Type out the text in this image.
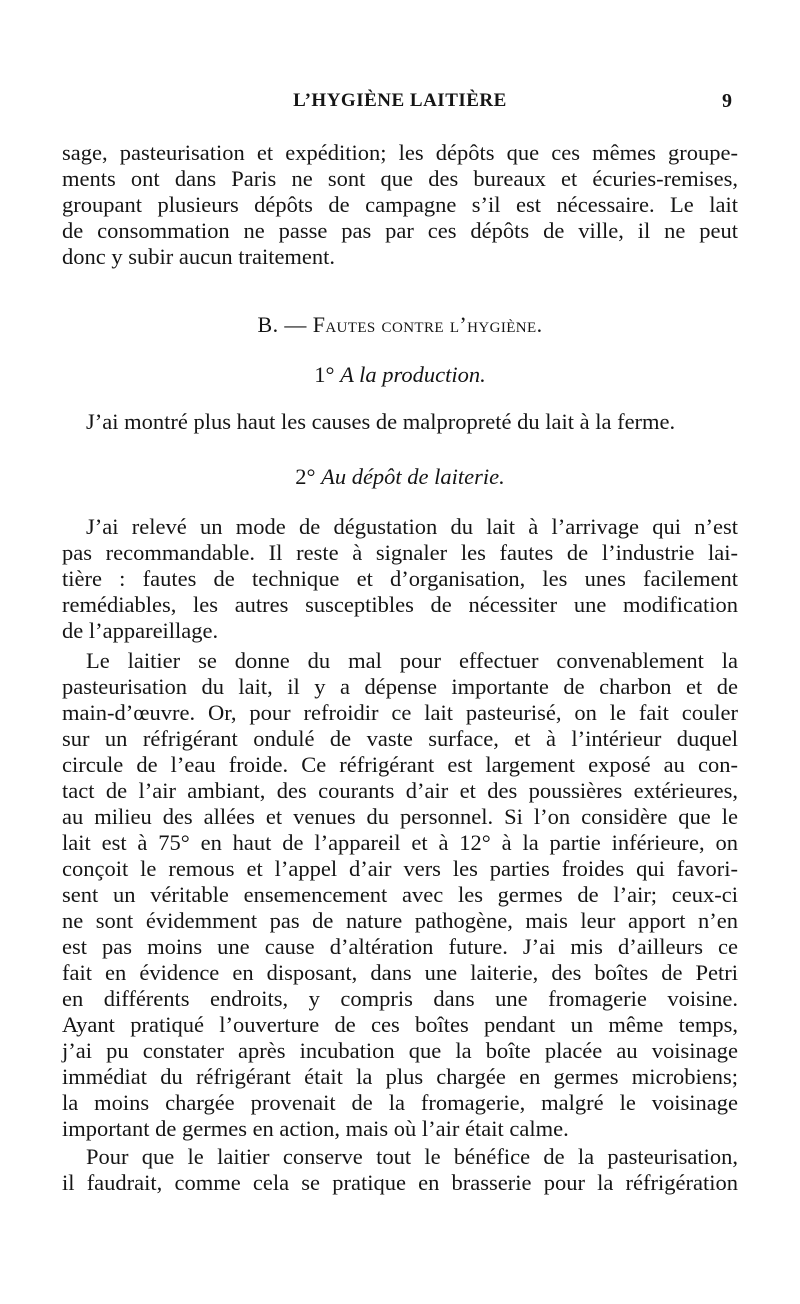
L’HYGIÈNE LAITIÈRE	9
sage, pasteurisation et expédition; les dépôts que ces mêmes groupe-
ments ont dans Paris ne sont que des bureaux et écuries-remises,
groupant plusieurs dépôts de campagne s’il est nécessaire. Le lait
de consommation ne passe pas par ces dépôts de ville, il ne peut
donc y subir aucun traitement.
B. — Fautes contre l’hygiène.
1° A la production.
J’ai montré plus haut les causes de malpropreté du lait à la ferme.
2° Au dépôt de laiterie.
J’ai relevé un mode de dégustation du lait à l’arrivage qui n’est
pas recommandable. Il reste à signaler les fautes de l’industrie lai-
tière : fautes de technique et d’organisation, les unes facilement
remédiables, les autres susceptibles de nécessiter une modification
de l’appareillage.
Le laitier se donne du mal pour effectuer convenablement la
pasteurisation du lait, il y a dépense importante de charbon et de
main-d’œuvre. Or, pour refroidir ce lait pasteurisé, on le fait couler
sur un réfrigérant ondulé de vaste surface, et à l’intérieur duquel
circule de l’eau froide. Ce réfrigérant est largement exposé au con-
tact de l’air ambiant, des courants d’air et des poussières extérieures,
au milieu des allées et venues du personnel. Si l’on considère que le
lait est à 75° en haut de l’appareil et à 12° à la partie inférieure, on
conçoit le remous et l’appel d’air vers les parties froides qui favori-
sent un véritable ensemencement avec les germes de l’air; ceux-ci
ne sont évidemment pas de nature pathogène, mais leur apport n’en
est pas moins une cause d’altération future. J’ai mis d’ailleurs ce
fait en évidence en disposant, dans une laiterie, des boîtes de Petri
en différents endroits, y compris dans une fromagerie voisine.
Ayant pratiqué l’ouverture de ces boîtes pendant un même temps,
j’ai pu constater après incubation que la boîte placée au voisinage
immédiat du réfrigérant était la plus chargée en germes microbiens;
la moins chargée provenait de la fromagerie, malgré le voisinage
important de germes en action, mais où l’air était calme.
Pour que le laitier conserve tout le bénéfice de la pasteurisation,
il faudrait, comme cela se pratique en brasserie pour la réfrigération
